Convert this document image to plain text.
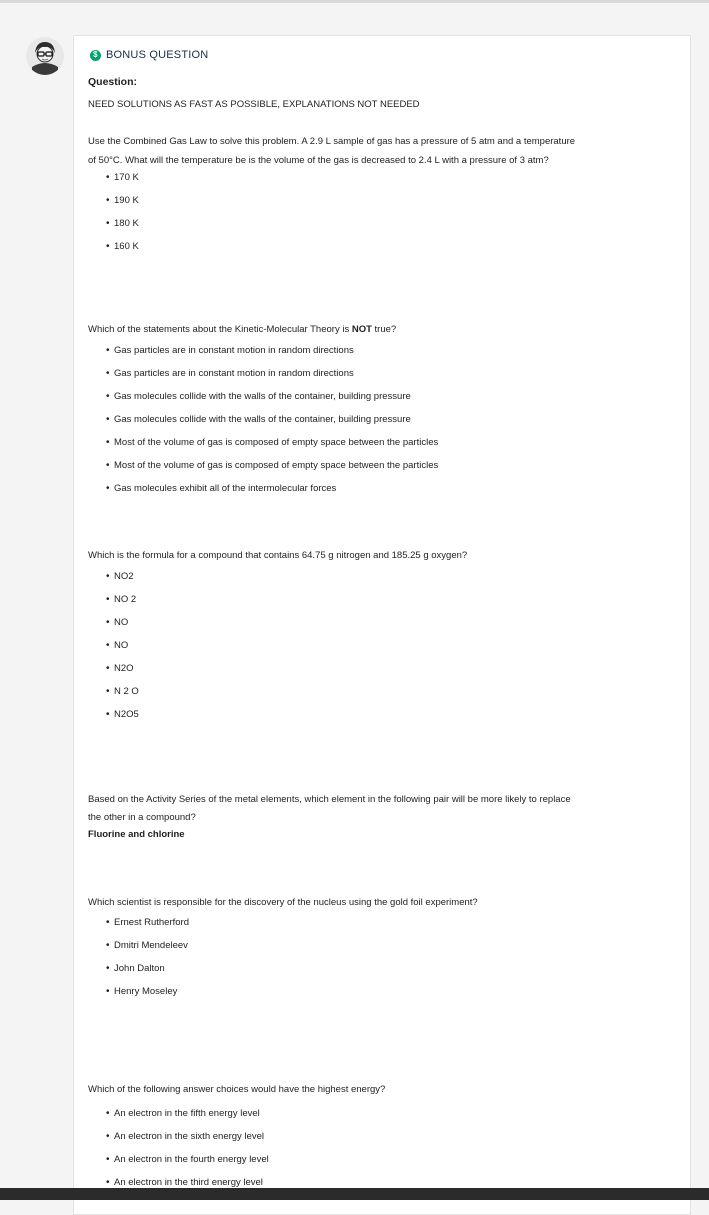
$ BONUS QUESTION
Question:
NEED SOLUTIONS AS FAST AS POSSIBLE, EXPLANATIONS NOT NEEDED
Use the Combined Gas Law to solve this problem. A 2.9 L sample of gas has a pressure of 5 atm and a temperature
of 50°C. What will the temperature be is the volume of the gas is decreased to 2.4 L with a pressure of 3 atm?
• 170 K
• 190 K
• 180 K
• 160 K
Which of the statements about the Kinetic-Molecular Theory is NOT true?
• Gas particles are in constant motion in random directions
• Gas particles are in constant motion in random directions
• Gas molecules collide with the walls of the container, building pressure
• Gas molecules collide with the walls of the container, building pressure
• Most of the volume of gas is composed of empty space between the particles
• Most of the volume of gas is composed of empty space between the particles
• Gas molecules exhibit all of the intermolecular forces
Which is the formula for a compound that contains 64.75 g nitrogen and 185.25 g oxygen?
• NO2
• NO 2
• NO
• NO
• N2O
• N 2 O
• N2O5
Based on the Activity Series of the metal elements, which element in the following pair will be more likely to replace
the other in a compound?
Fluorine and chlorine
Which scientist is responsible for the discovery of the nucleus using the gold foil experiment?
• Ernest Rutherford
• Dmitri Mendeleev
• John Dalton
• Henry Moseley
Which of the following answer choices would have the highest energy?
• An electron in the fifth energy level
• An electron in the sixth energy level
• An electron in the fourth energy level
• An electron in the third energy level
